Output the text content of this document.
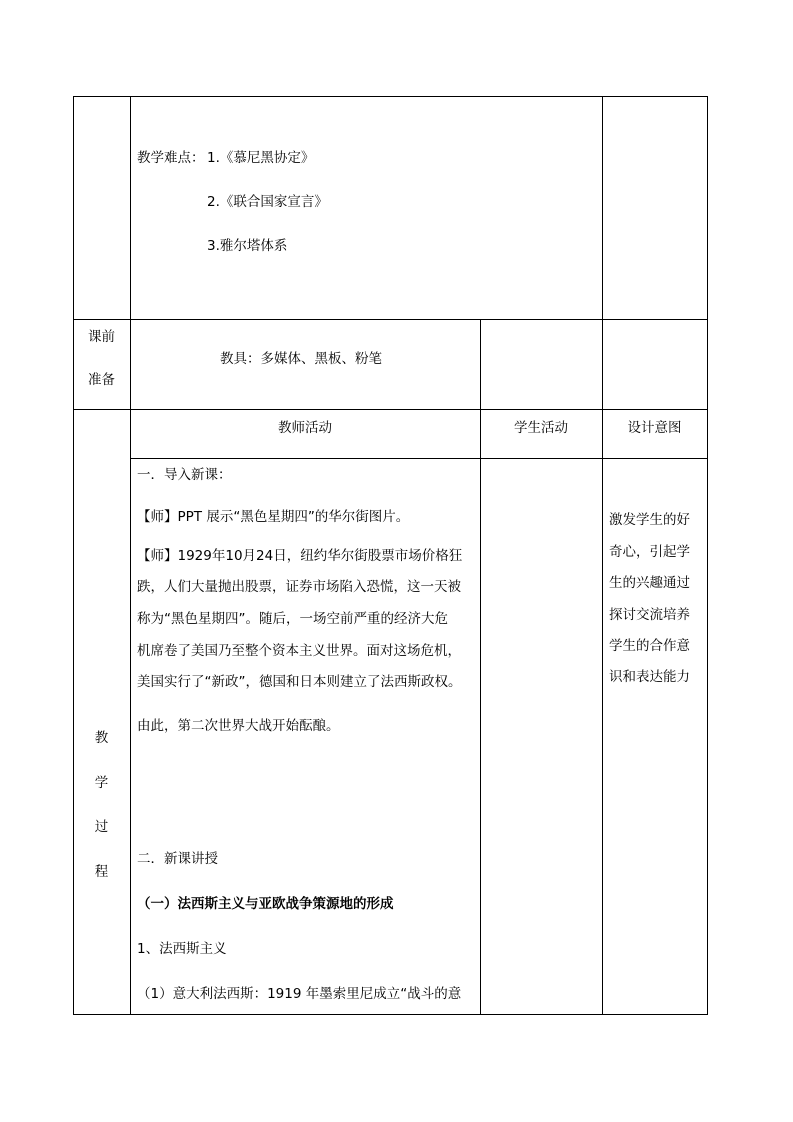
教学难点： 1.《慕尼黑协定》
2.《联合国家宣言》
3.雅尔塔体系
课前
准备
教具：多媒体、黑板、粉笔
教师活动	学生活动	设计意图
教
学
过
程
一．导入新课：
【师】PPT 展示“黑色星期四”的华尔街图片。
【师】1929年10月24日，纽约华尔街股票市场价格狂
跌，人们大量抛出股票，证券市场陷入恐慌，这一天被
称为“黑色星期四”。随后，一场空前严重的经济大危
机席卷了美国乃至整个资本主义世界。面对这场危机，
美国实行了“新政”，德国和日本则建立了法西斯政权。
由此，第二次世界大战开始酝酿。
二．新课讲授
（一）法西斯主义与亚欧战争策源地的形成
1、法西斯主义
（1）意大利法西斯：1919 年墨索里尼成立“战斗的意
激发学生的好
奇心，引起学
生的兴趣通过
探讨交流培养
学生的合作意
识和表达能力
